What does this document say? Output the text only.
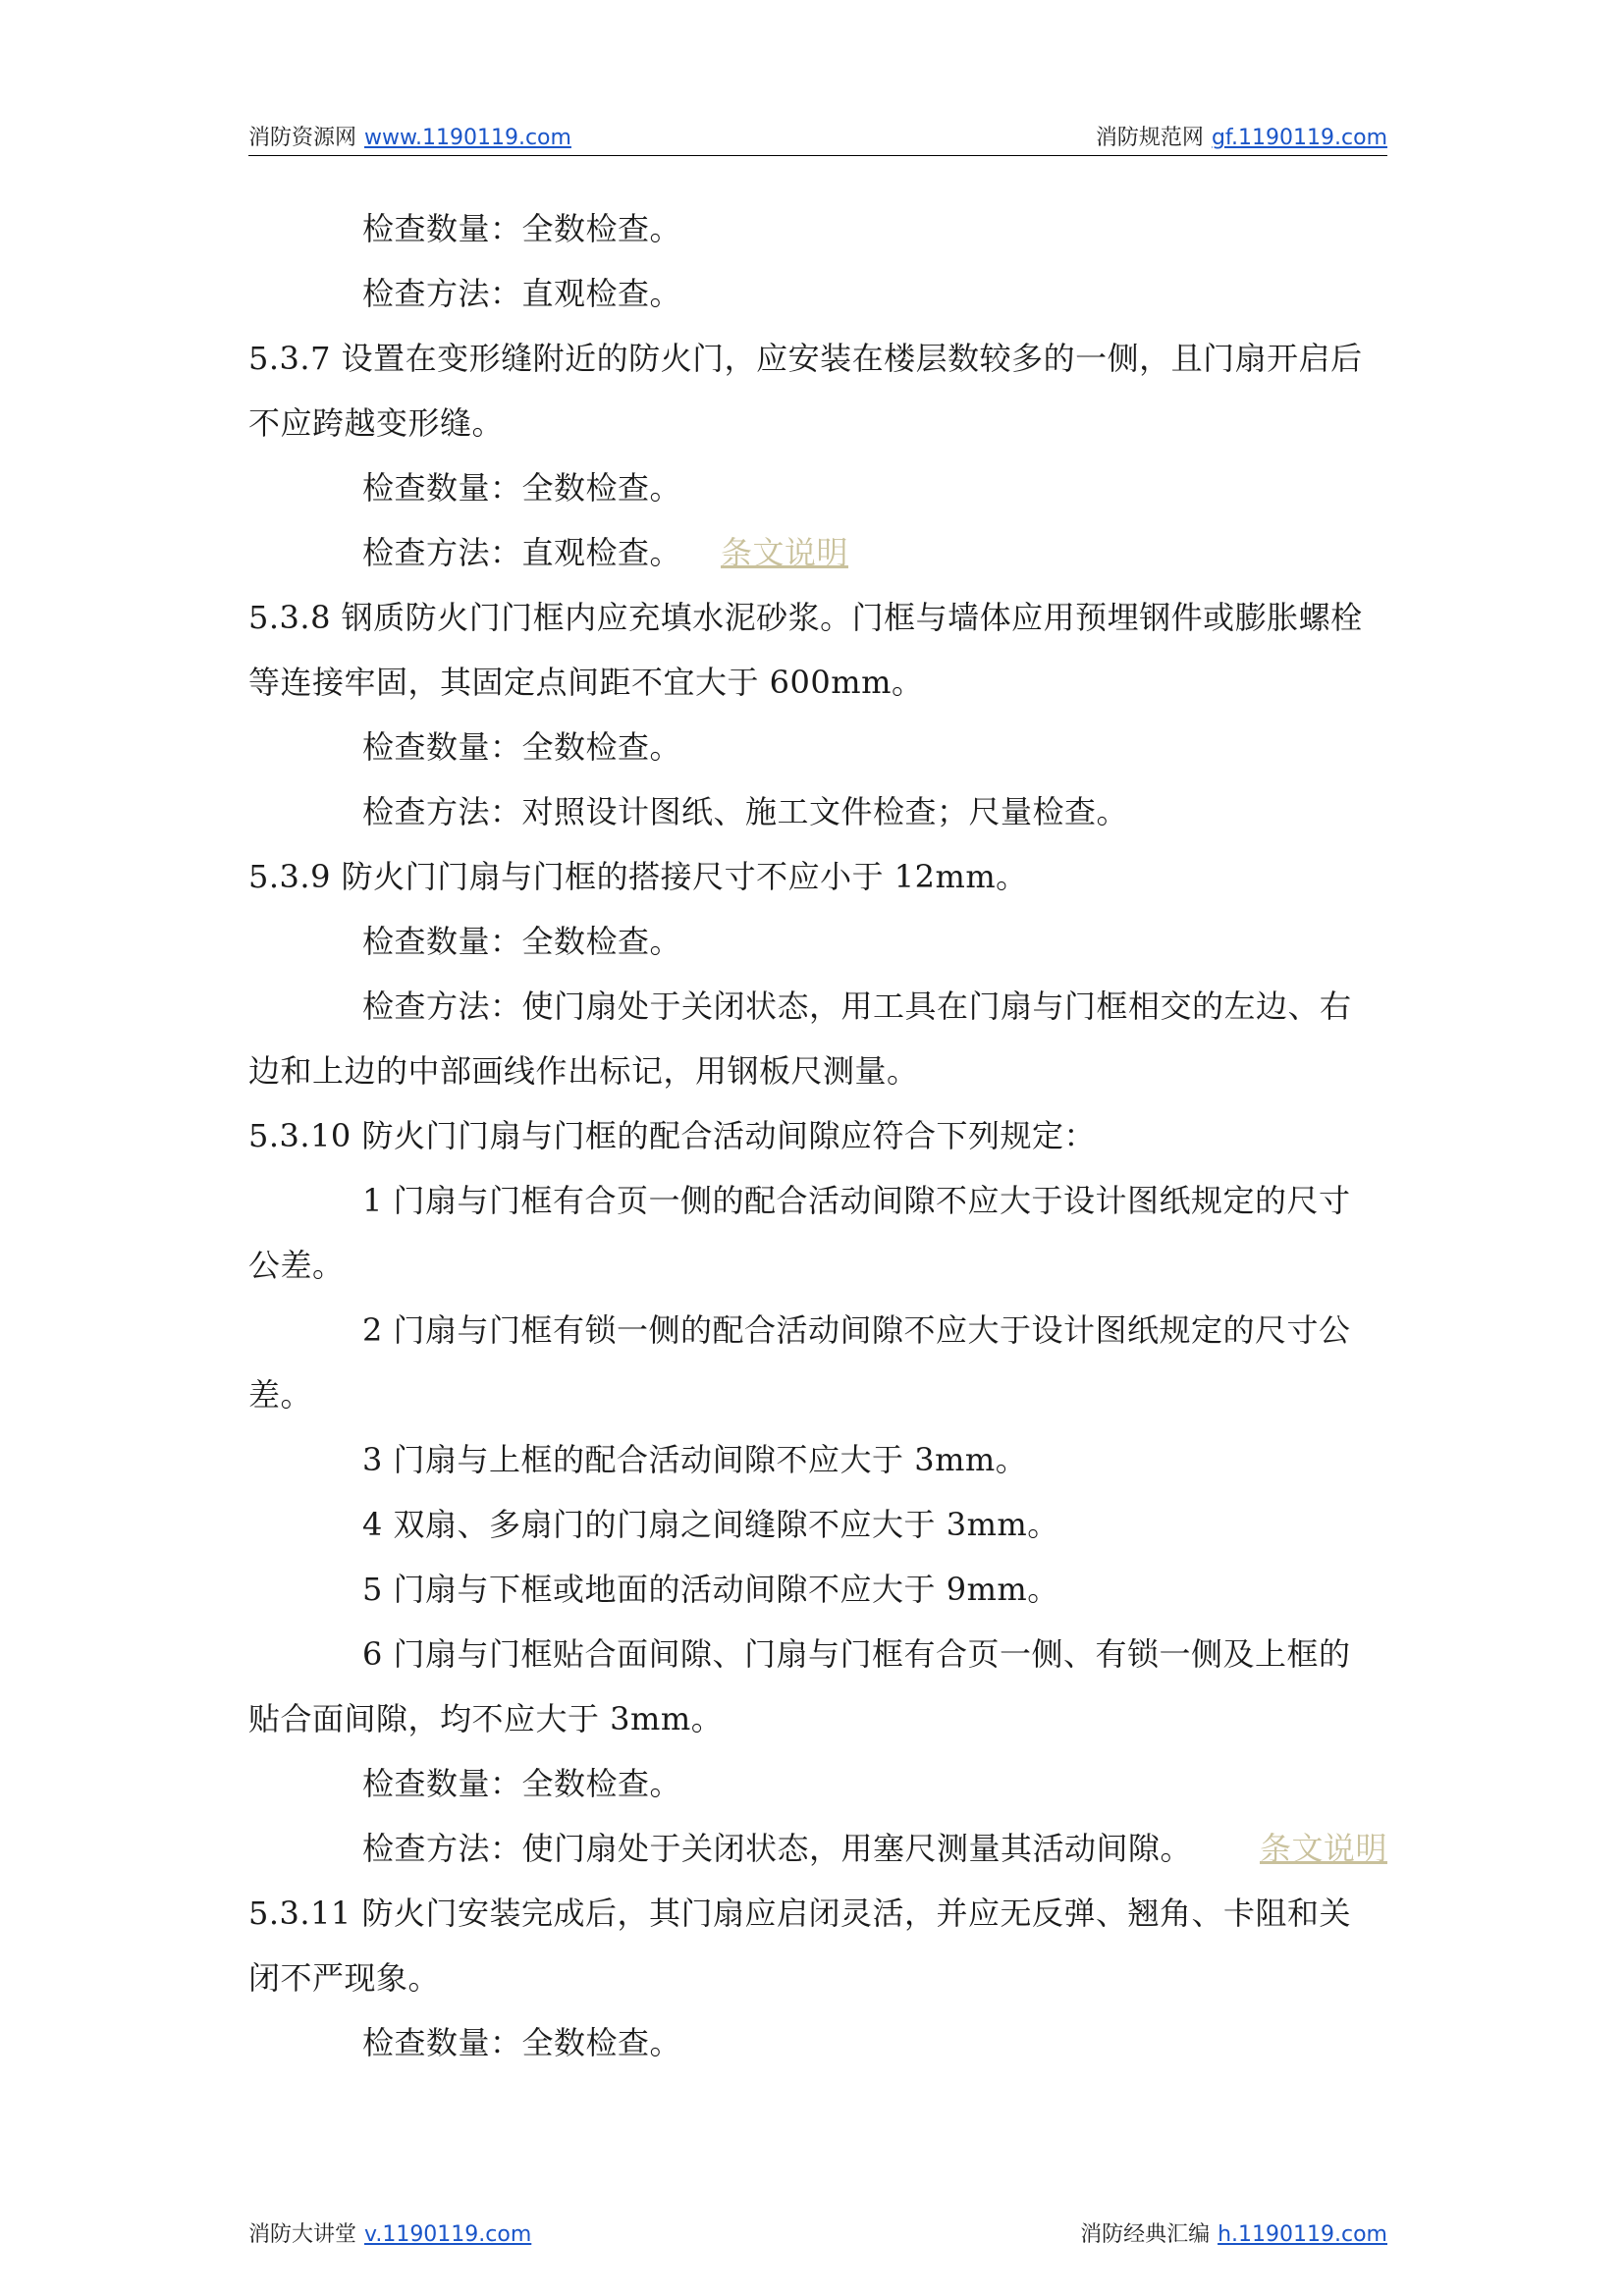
消防资源网 www.1190119.com	消防规范网 gf.1190119.com
检查数量：全数检查。
检查方法：直观检查。
5.3.7 设置在变形缝附近的防火门，应安装在楼层数较多的一侧，且门扇开启后
不应跨越变形缝。
检查数量：全数检查。
检查方法：直观检查。 条文说明
5.3.8 钢质防火门门框内应充填水泥砂浆。门框与墙体应用预埋钢件或膨胀螺栓
等连接牢固，其固定点间距不宜大于 600mm。
检查数量：全数检查。
检查方法：对照设计图纸、施工文件检查；尺量检查。
5.3.9 防火门门扇与门框的搭接尺寸不应小于 12mm。
检查数量：全数检查。
检查方法：使门扇处于关闭状态，用工具在门扇与门框相交的左边、右
边和上边的中部画线作出标记，用钢板尺测量。
5.3.10 防火门门扇与门框的配合活动间隙应符合下列规定：
1 门扇与门框有合页一侧的配合活动间隙不应大于设计图纸规定的尺寸
公差。
2 门扇与门框有锁一侧的配合活动间隙不应大于设计图纸规定的尺寸公
差。
3 门扇与上框的配合活动间隙不应大于 3mm。
4 双扇、多扇门的门扇之间缝隙不应大于 3mm。
5 门扇与下框或地面的活动间隙不应大于 9mm。
6 门扇与门框贴合面间隙、门扇与门框有合页一侧、有锁一侧及上框的
贴合面间隙，均不应大于 3mm。
检查数量：全数检查。
检查方法：使门扇处于关闭状态，用塞尺测量其活动间隙。 条文说明
5.3.11 防火门安装完成后，其门扇应启闭灵活，并应无反弹、翘角、卡阻和关
闭不严现象。
检查数量：全数检查。
消防大讲堂 v.1190119.com	消防经典汇编 h.1190119.com
